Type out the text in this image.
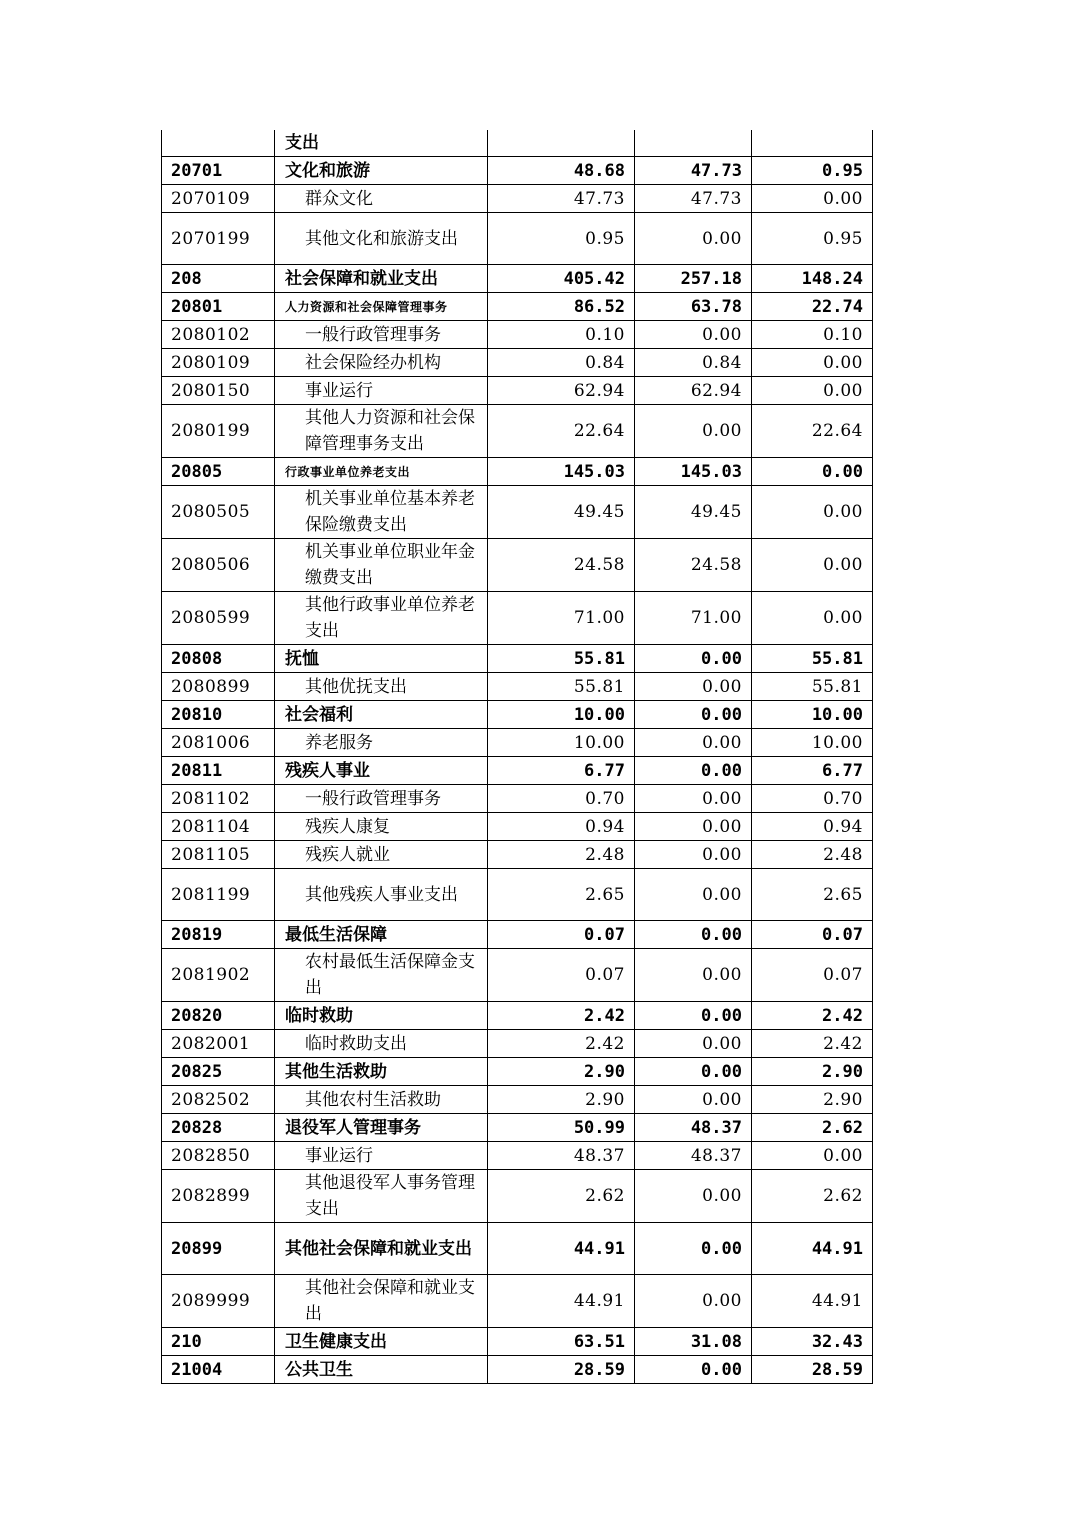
	支出			
20701	文化和旅游	48.68	47.73	0.95
2070109	群众文化	47.73	47.73	0.00
2070199	其他文化和旅游支出	0.95	0.00	0.95
208	社会保障和就业支出	405.42	257.18	148.24
20801	人力资源和社会保障管理事务	86.52	63.78	22.74
2080102	一般行政管理事务	0.10	0.00	0.10
2080109	社会保险经办机构	0.84	0.84	0.00
2080150	事业运行	62.94	62.94	0.00
2080199	其他人力资源和社会保障管理事务支出	22.64	0.00	22.64
20805	行政事业单位养老支出	145.03	145.03	0.00
2080505	机关事业单位基本养老保险缴费支出	49.45	49.45	0.00
2080506	机关事业单位职业年金缴费支出	24.58	24.58	0.00
2080599	其他行政事业单位养老支出	71.00	71.00	0.00
20808	抚恤	55.81	0.00	55.81
2080899	其他优抚支出	55.81	0.00	55.81
20810	社会福利	10.00	0.00	10.00
2081006	养老服务	10.00	0.00	10.00
20811	残疾人事业	6.77	0.00	6.77
2081102	一般行政管理事务	0.70	0.00	0.70
2081104	残疾人康复	0.94	0.00	0.94
2081105	残疾人就业	2.48	0.00	2.48
2081199	其他残疾人事业支出	2.65	0.00	2.65
20819	最低生活保障	0.07	0.00	0.07
2081902	农村最低生活保障金支出	0.07	0.00	0.07
20820	临时救助	2.42	0.00	2.42
2082001	临时救助支出	2.42	0.00	2.42
20825	其他生活救助	2.90	0.00	2.90
2082502	其他农村生活救助	2.90	0.00	2.90
20828	退役军人管理事务	50.99	48.37	2.62
2082850	事业运行	48.37	48.37	0.00
2082899	其他退役军人事务管理支出	2.62	0.00	2.62
20899	其他社会保障和就业支出	44.91	0.00	44.91
2089999	其他社会保障和就业支出	44.91	0.00	44.91
210	卫生健康支出	63.51	31.08	32.43
21004	公共卫生	28.59	0.00	28.59
